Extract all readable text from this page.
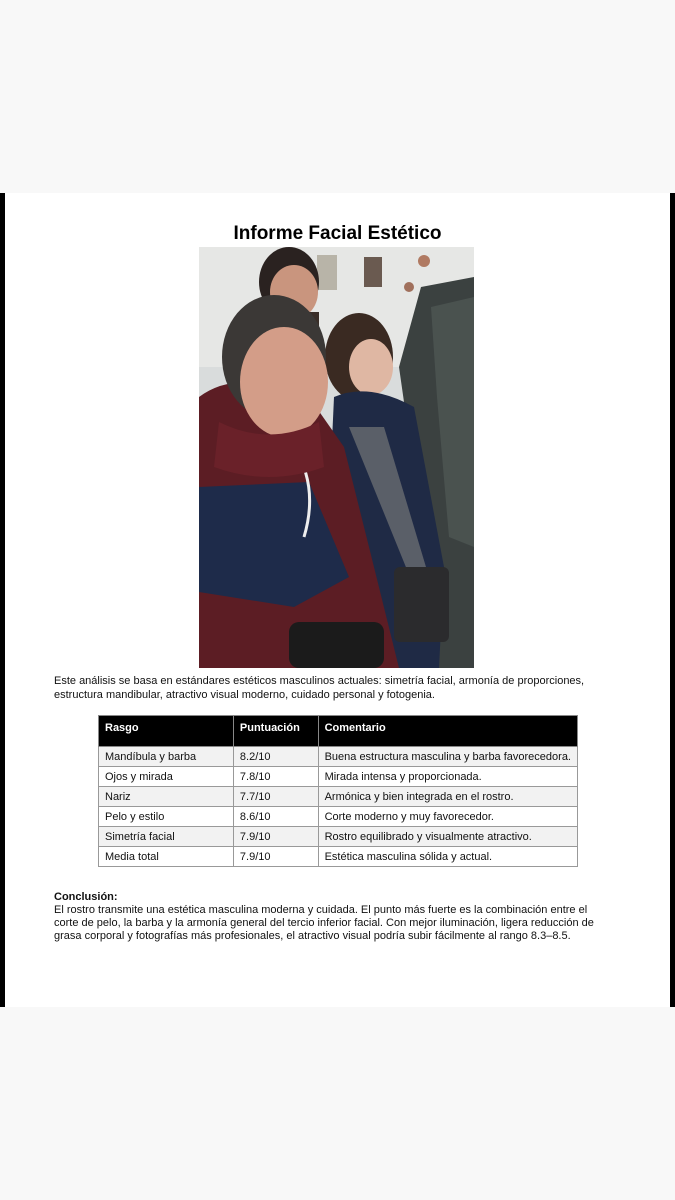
Informe Facial Estético
Este análisis se basa en estándares estéticos masculinos actuales: simetría facial, armonía de proporciones, estructura mandibular, atractivo visual moderno, cuidado personal y fotogenia.
Rasgo	Puntuación	Comentario
Mandíbula y barba	8.2/10	Buena estructura masculina y barba favorecedora.
Ojos y mirada	7.8/10	Mirada intensa y proporcionada.
Nariz	7.7/10	Armónica y bien integrada en el rostro.
Pelo y estilo	8.6/10	Corte moderno y muy favorecedor.
Simetría facial	7.9/10	Rostro equilibrado y visualmente atractivo.
Media total	7.9/10	Estética masculina sólida y actual.
Conclusión:
El rostro transmite una estética masculina moderna y cuidada. El punto más fuerte es la combinación entre el corte de pelo, la barba y la armonía general del tercio inferior facial. Con mejor iluminación, ligera reducción de grasa corporal y fotografías más profesionales, el atractivo visual podría subir fácilmente al rango 8.3–8.5.
